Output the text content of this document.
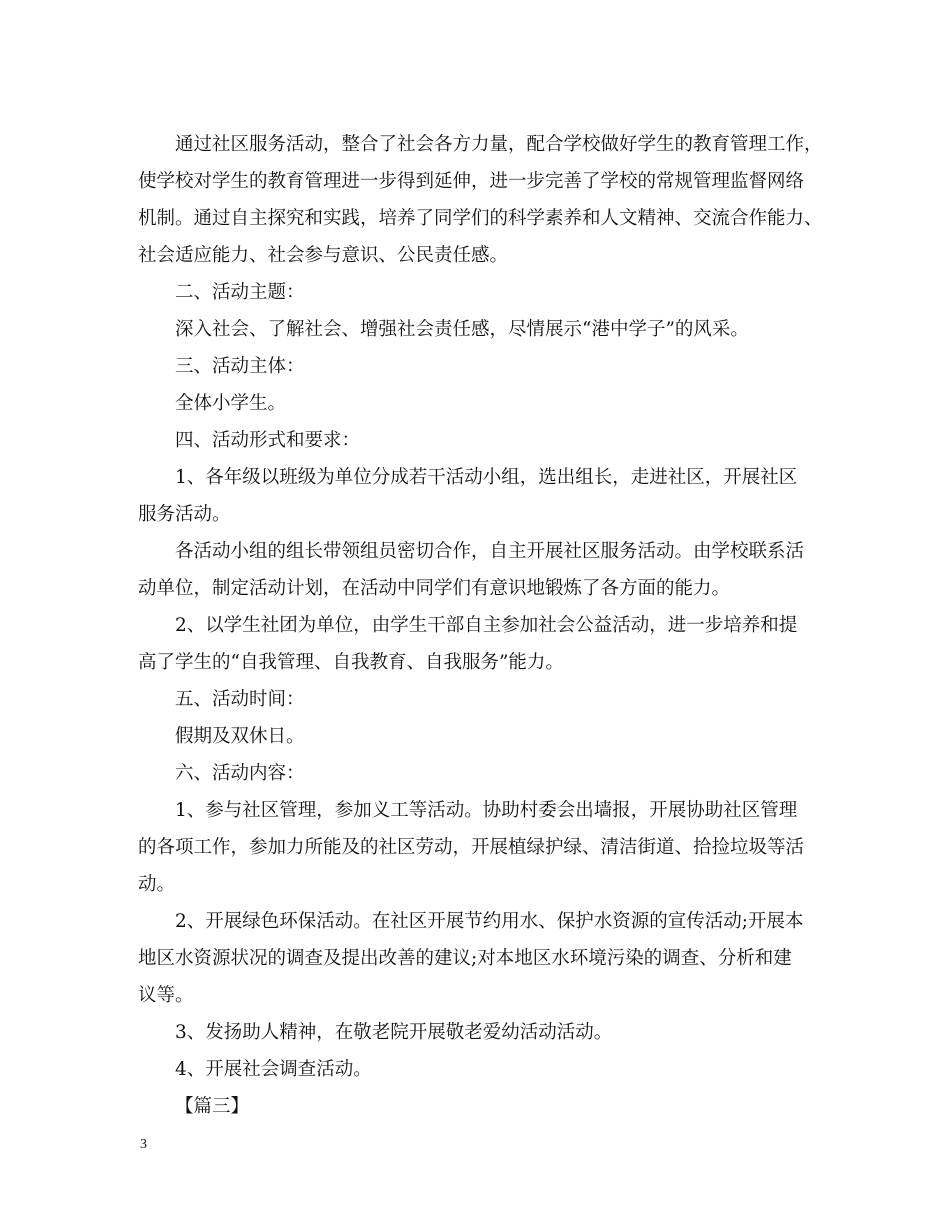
通过社区服务活动，整合了社会各方力量，配合学校做好学生的教育管理工作，
使学校对学生的教育管理进一步得到延伸，进一步完善了学校的常规管理监督网络
机制。通过自主探究和实践，培养了同学们的科学素养和人文精神、交流合作能力、
社会适应能力、社会参与意识、公民责任感。

二、活动主题：

深入社会、了解社会、增强社会责任感，尽情展示“港中学子”的风采。

三、活动主体：

全体小学生。

四、活动形式和要求：

1、各年级以班级为单位分成若干活动小组，选出组长，走进社区，开展社区
服务活动。

各活动小组的组长带领组员密切合作，自主开展社区服务活动。由学校联系活
动单位，制定活动计划，在活动中同学们有意识地锻炼了各方面的能力。

2、以学生社团为单位，由学生干部自主参加社会公益活动，进一步培养和提
高了学生的“自我管理、自我教育、自我服务”能力。

五、活动时间：

假期及双休日。

六、活动内容：

1、参与社区管理，参加义工等活动。协助村委会出墙报，开展协助社区管理
的各项工作，参加力所能及的社区劳动，开展植绿护绿、清洁街道、拾捡垃圾等活
动。

2、开展绿色环保活动。在社区开展节约用水、保护水资源的宣传活动;开展本
地区水资源状况的调查及提出改善的建议;对本地区水环境污染的调查、分析和建
议等。

3、发扬助人精神，在敬老院开展敬老爱幼活动活动。

4、开展社会调查活动。

【篇三】

3
